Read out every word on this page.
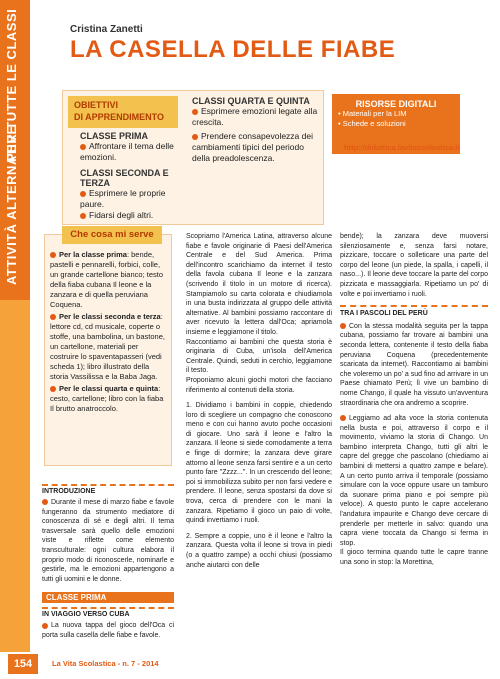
PER TUTTE LE CLASSI
ATTIVITÀ ALTERNATIVE
Cristina Zanetti
LA CASELLA DELLE FIABE
OBIETTIVI
DI APPRENDIMENTO
CLASSE PRIMA
Affrontare il tema delle emozioni.
CLASSI SECONDA E TERZA
Esprimere le proprie paure.
Fidarsi degli altri.
CLASSI QUARTA E QUINTA
Esprimere emozioni legate alla crescita.
Prendere consapevolezza dei cambiamenti tipici del periodo della preadolescenza.
RISORSE DIGITALI
• Materiali per la LIM
• Schede e soluzioni
http://didattica.lavitascolastica.it
Che cosa mi serve
Per la classe prima: bende, pastelli e pennarelli, forbici, colle, un grande cartellone bianco; testo della fiaba cubana Il leone e la zanzara e di quella peruviana Coquena.
Per le classi seconda e terza: lettore cd, cd musicale, coperte o stoffe, una bambolina, un bastone, un cartellone, materiali per costruire lo spaventapasseri (vedi scheda 1); libro illustrato della storia Vassilissa e la Baba Jaga.
Per le classi quarta e quinta: cesto, cartellone; libro con la fiaba Il brutto anatroccolo.
INTRODUZIONE
Durante il mese di marzo fiabe e favole fungeranno da strumento mediatore di conoscenza di sé e degli altri. Il tema trasversale sarà quello delle emozioni viste e riflette come elemento transculturale: ogni cultura elabora il proprio modo di riconoscerle, nominarle e gestirle, ma le emozioni appartengono a tutti gli uomini e le donne.
CLASSE PRIMA
IN VIAGGIO VERSO CUBA
La nuova tappa del gioco dell'Oca ci porta sulla casella delle fiabe e favole.
Scopriamo l'America Latina, attraverso alcune fiabe e favole originarie di Paesi dell'America Centrale e del Sud America. Prima dell'incontro scarichiamo da internet il testo della favola cubana Il leone e la zanzara (scrivendo il titolo in un motore di ricerca). Stampiamolo su carta colorata e chiudiamola in una busta indirizzata al gruppo delle attività alternative. Al bambini possiamo raccontare di aver ricevuto la lettera dall'Oca; apriamola insieme e leggiamone il titolo.
Raccontiamo ai bambini che questa storia è originaria di Cuba, un'isola dell'America Centrale. Quindi, seduti in cerchio, leggiamone il testo.
Proponiamo alcuni giochi motori che facciano riferimento al contenuti della storia.
1. Dividiamo i bambini in coppie, chiedendo loro di scegliere un compagno che conoscono meno e con cui hanno avuto poche occasioni di giocare. Uno sarà il leone e l'altro la zanzara. Il leone si siede comodamente a terra e finge di dormire; la zanzara deve girare attorno al leone senza farsi sentire e a un certo punto fare "Zzzz...". In un crescendo del leone; poi si immobilizza subito per non farsi vedere e prendere. Il leone, senza spostarsi da dove si trova, cerca di prendere con le mani la zanzara. Ripetiamo il gioco un paio di volte, quindi invertiamo i ruoli.
2. Sempre a coppie, uno è il leone e l'altro la zanzara. Questa volta il leone si trova in piedi (o a quattro zampe) a occhi chiusi (possiamo anche aiutarci con delle
bende); la zanzara deve muoversi silenziosamente e, senza farsi notare, pizzicare, toccare o solleticare una parte del corpo del leone (un piede, la spalla, i capelli, il naso...). Il leone deve toccare la parte del corpo pizzicata e massaggiarla. Ripetiamo un po' di volte e poi invertiamo i ruoli.
TRA I PASCOLI DEL PERÙ
Con la stessa modalità seguita per la tappa cubana, possiamo far trovare ai bambini una seconda lettera, contenente il testo della fiaba peruviana Coquena (precedentemente scaricata da internet). Raccontiamo ai bambini che voleremo un po' a sud fino ad arrivare in un Paese chiamato Perù; lì vive un bambino di nome Chango, il quale ha vissuto un'avventura straordinaria che ora andremo a scoprire.
Leggiamo ad alta voce la storia contenuta nella busta e poi, attraverso il corpo e il movimento, viviamo la storia di Chango. Un bambino interpreta Chango, tutti gli altri le capre del gregge che pascolano (chiediamo ai bambini di mettersi a quattro zampe e belare). A un certo punto arriva il temporale (possiamo simulare con la voce oppure usare un tamburo da suonare prima piano e poi sempre più veloce). A questo punto le capre accelerano l'andatura impaurite e Chango deve cercare di prenderle per metterle in salvo: quando una capra viene toccata da Chango si ferma in stop.
Il gioco termina quando tutte le capre tranne una sono in stop: la Morettina,
154	La Vita Scolastica - n. 7 - 2014
